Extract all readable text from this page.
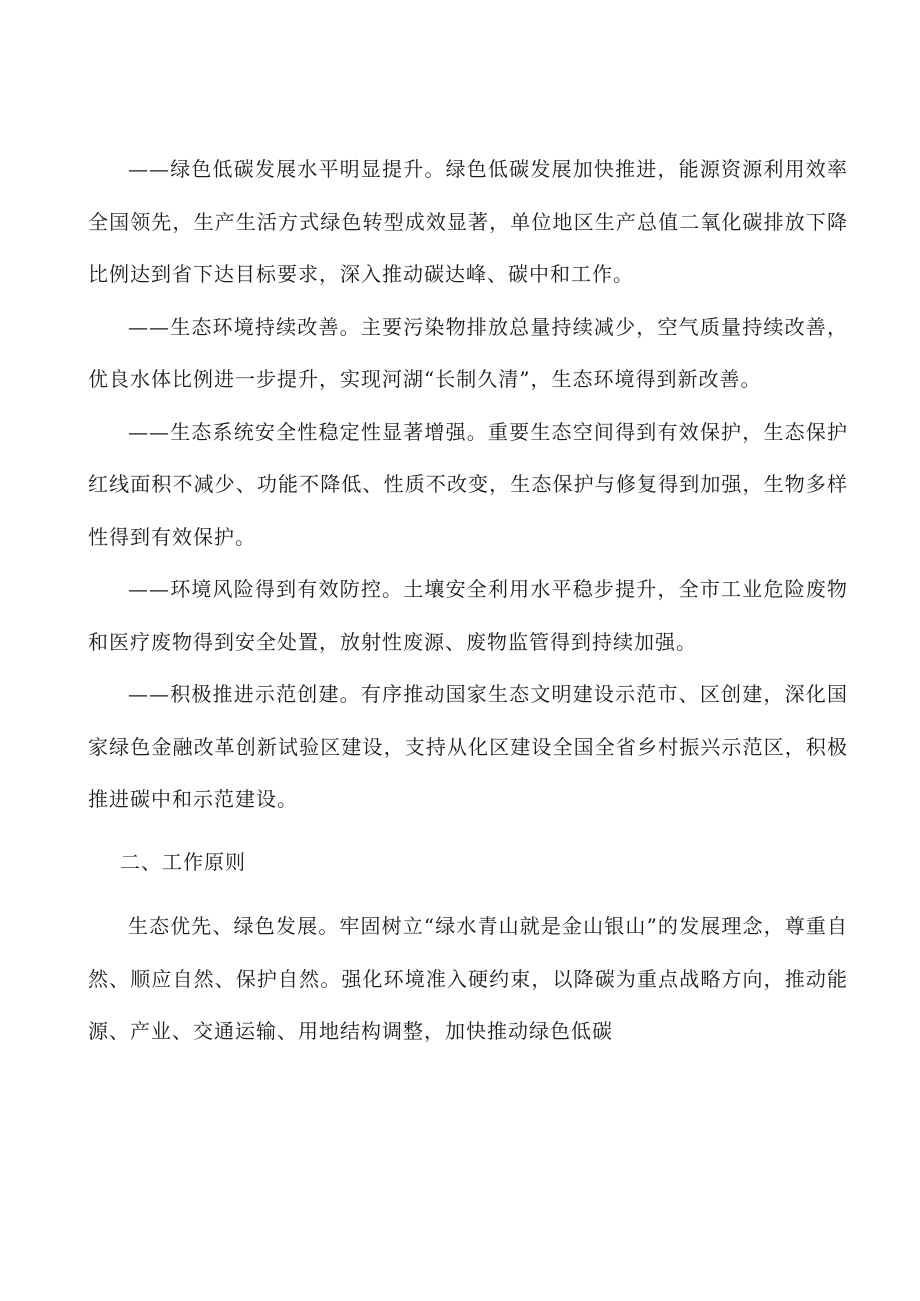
——绿色低碳发展水平明显提升。绿色低碳发展加快推进，能源资源利用效率全国领先，生产生活方式绿色转型成效显著，单位地区生产总值二氧化碳排放下降比例达到省下达目标要求，深入推动碳达峰、碳中和工作。

——生态环境持续改善。主要污染物排放总量持续减少，空气质量持续改善，优良水体比例进一步提升，实现河湖“长制久清”，生态环境得到新改善。

——生态系统安全性稳定性显著增强。重要生态空间得到有效保护，生态保护红线面积不减少、功能不降低、性质不改变，生态保护与修复得到加强，生物多样性得到有效保护。

——环境风险得到有效防控。土壤安全利用水平稳步提升，全市工业危险废物和医疗废物得到安全处置，放射性废源、废物监管得到持续加强。

——积极推进示范创建。有序推动国家生态文明建设示范市、区创建，深化国家绿色金融改革创新试验区建设，支持从化区建设全国全省乡村振兴示范区，积极推进碳中和示范建设。

二、工作原则

生态优先、绿色发展。牢固树立“绿水青山就是金山银山”的发展理念，尊重自然、顺应自然、保护自然。强化环境准入硬约束，以降碳为重点战略方向，推动能源、产业、交通运输、用地结构调整，加快推动绿色低碳
